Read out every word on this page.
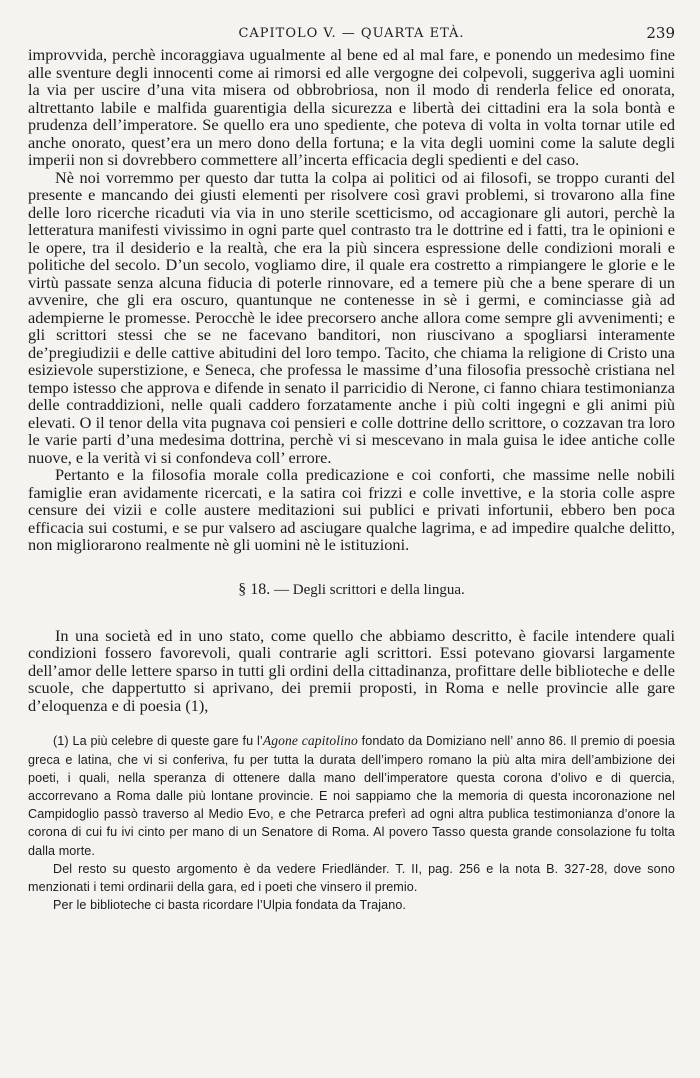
CAPITOLO V. — QUARTA ETÀ.	239

improvvida, perchè incoraggiava ugualmente al bene ed al mal fare, e ponendo un medesimo fine alle sventure degli innocenti come ai rimorsi ed alle vergogne dei colpevoli, suggeriva agli uomini la via per uscire d’una vita misera od obbrobriosa, non il modo di renderla felice ed onorata, altrettanto labile e malfida guarentigia della sicurezza e libertà dei cittadini era la sola bontà e prudenza dell’imperatore. Se quello era uno spediente, che poteva di volta in volta tornar utile ed anche onorato, quest’era un mero dono della fortuna; e la vita degli uomini come la salute degli imperii non si dovrebbero commettere all’incerta efficacia degli spedienti e del caso.

Nè noi vorremmo per questo dar tutta la colpa ai politici od ai filosofi, se troppo curanti del presente e mancando dei giusti elementi per risolvere così gravi problemi, si trovarono alla fine delle loro ricerche ricaduti via via in uno sterile scetticismo, od accagionare gli autori, perchè la letteratura manifesti vivissimo in ogni parte quel contrasto tra le dottrine ed i fatti, tra le opinioni e le opere, tra il desiderio e la realtà, che era la più sincera espressione delle condizioni morali e politiche del secolo. D’un secolo, vogliamo dire, il quale era costretto a rimpiangere le glorie e le virtù passate senza alcuna fiducia di poterle rinnovare, ed a temere più che a bene sperare di un avvenire, che gli era oscuro, quantunque ne contenesse in sè i germi, e cominciasse già ad adempierne le promesse. Perocchè le idee precorsero anche allora come sempre gli avvenimenti; e gli scrittori stessi che se ne facevano banditori, non riuscivano a spogliarsi interamente de’pregiudizii e delle cattive abitudini del loro tempo. Tacito, che chiama la religione di Cristo una esizievole superstizione, e Seneca, che professa le massime d’una filosofia pressochè cristiana nel tempo istesso che approva e difende in senato il parricidio di Nerone, ci fanno chiara testimonianza delle contraddizioni, nelle quali caddero forzatamente anche i più colti ingegni e gli animi più elevati. O il tenor della vita pugnava coi pensieri e colle dottrine dello scrittore, o cozzavan tra loro le varie parti d’una medesima dottrina, perchè vi si mescevano in mala guisa le idee antiche colle nuove, e la verità vi si confondeva coll’ errore.

Pertanto e la filosofia morale colla predicazione e coi conforti, che massime nelle nobili famiglie eran avidamente ricercati, e la satira coi frizzi e colle invettive, e la storia colle aspre censure dei vizii e colle austere meditazioni sui publici e privati infortunii, ebbero ben poca efficacia sui costumi, e se pur valsero ad asciugare qualche lagrima, e ad impedire qualche delitto, non migliorarono realmente nè gli uomini nè le istituzioni.

§ 18. — Degli scrittori e della lingua.

In una società ed in uno stato, come quello che abbiamo descritto, è facile intendere quali condizioni fossero favorevoli, quali contrarie agli scrittori. Essi potevano giovarsi largamente dell’amor delle lettere sparso in tutti gli ordini della cittadinanza, profittare delle biblioteche e delle scuole, che dappertutto si aprivano, dei premii proposti, in Roma e nelle provincie alle gare d’eloquenza e di poesia (1),

(1) La più celebre di queste gare fu l’Agone capitolino fondato da Domiziano nell’ anno 86. Il premio di poesia greca e latina, che vi si conferiva, fu per tutta la durata dell’impero romano la più alta mira dell’ambizione dei poeti, i quali, nella speranza di ottenere dalla mano dell’imperatore questa corona d’olivo e di quercia, accorrevano a Roma dalle più lontane provincie. E noi sappiamo che la memoria di questa incoronazione nel Campidoglio passò traverso al Medio Evo, e che Petrarca preferì ad ogni altra publica testimonianza d’onore la corona di cui fu ivi cinto per mano di un Senatore di Roma. Al povero Tasso questa grande consolazione fu tolta dalla morte.

Del resto su questo argomento è da vedere Friedländer. T. II, pag. 256 e la nota B. 327-28, dove sono menzionati i temi ordinarii della gara, ed i poeti che vinsero il premio.

Per le biblioteche ci basta ricordare l’Ulpia fondata da Trajano.
